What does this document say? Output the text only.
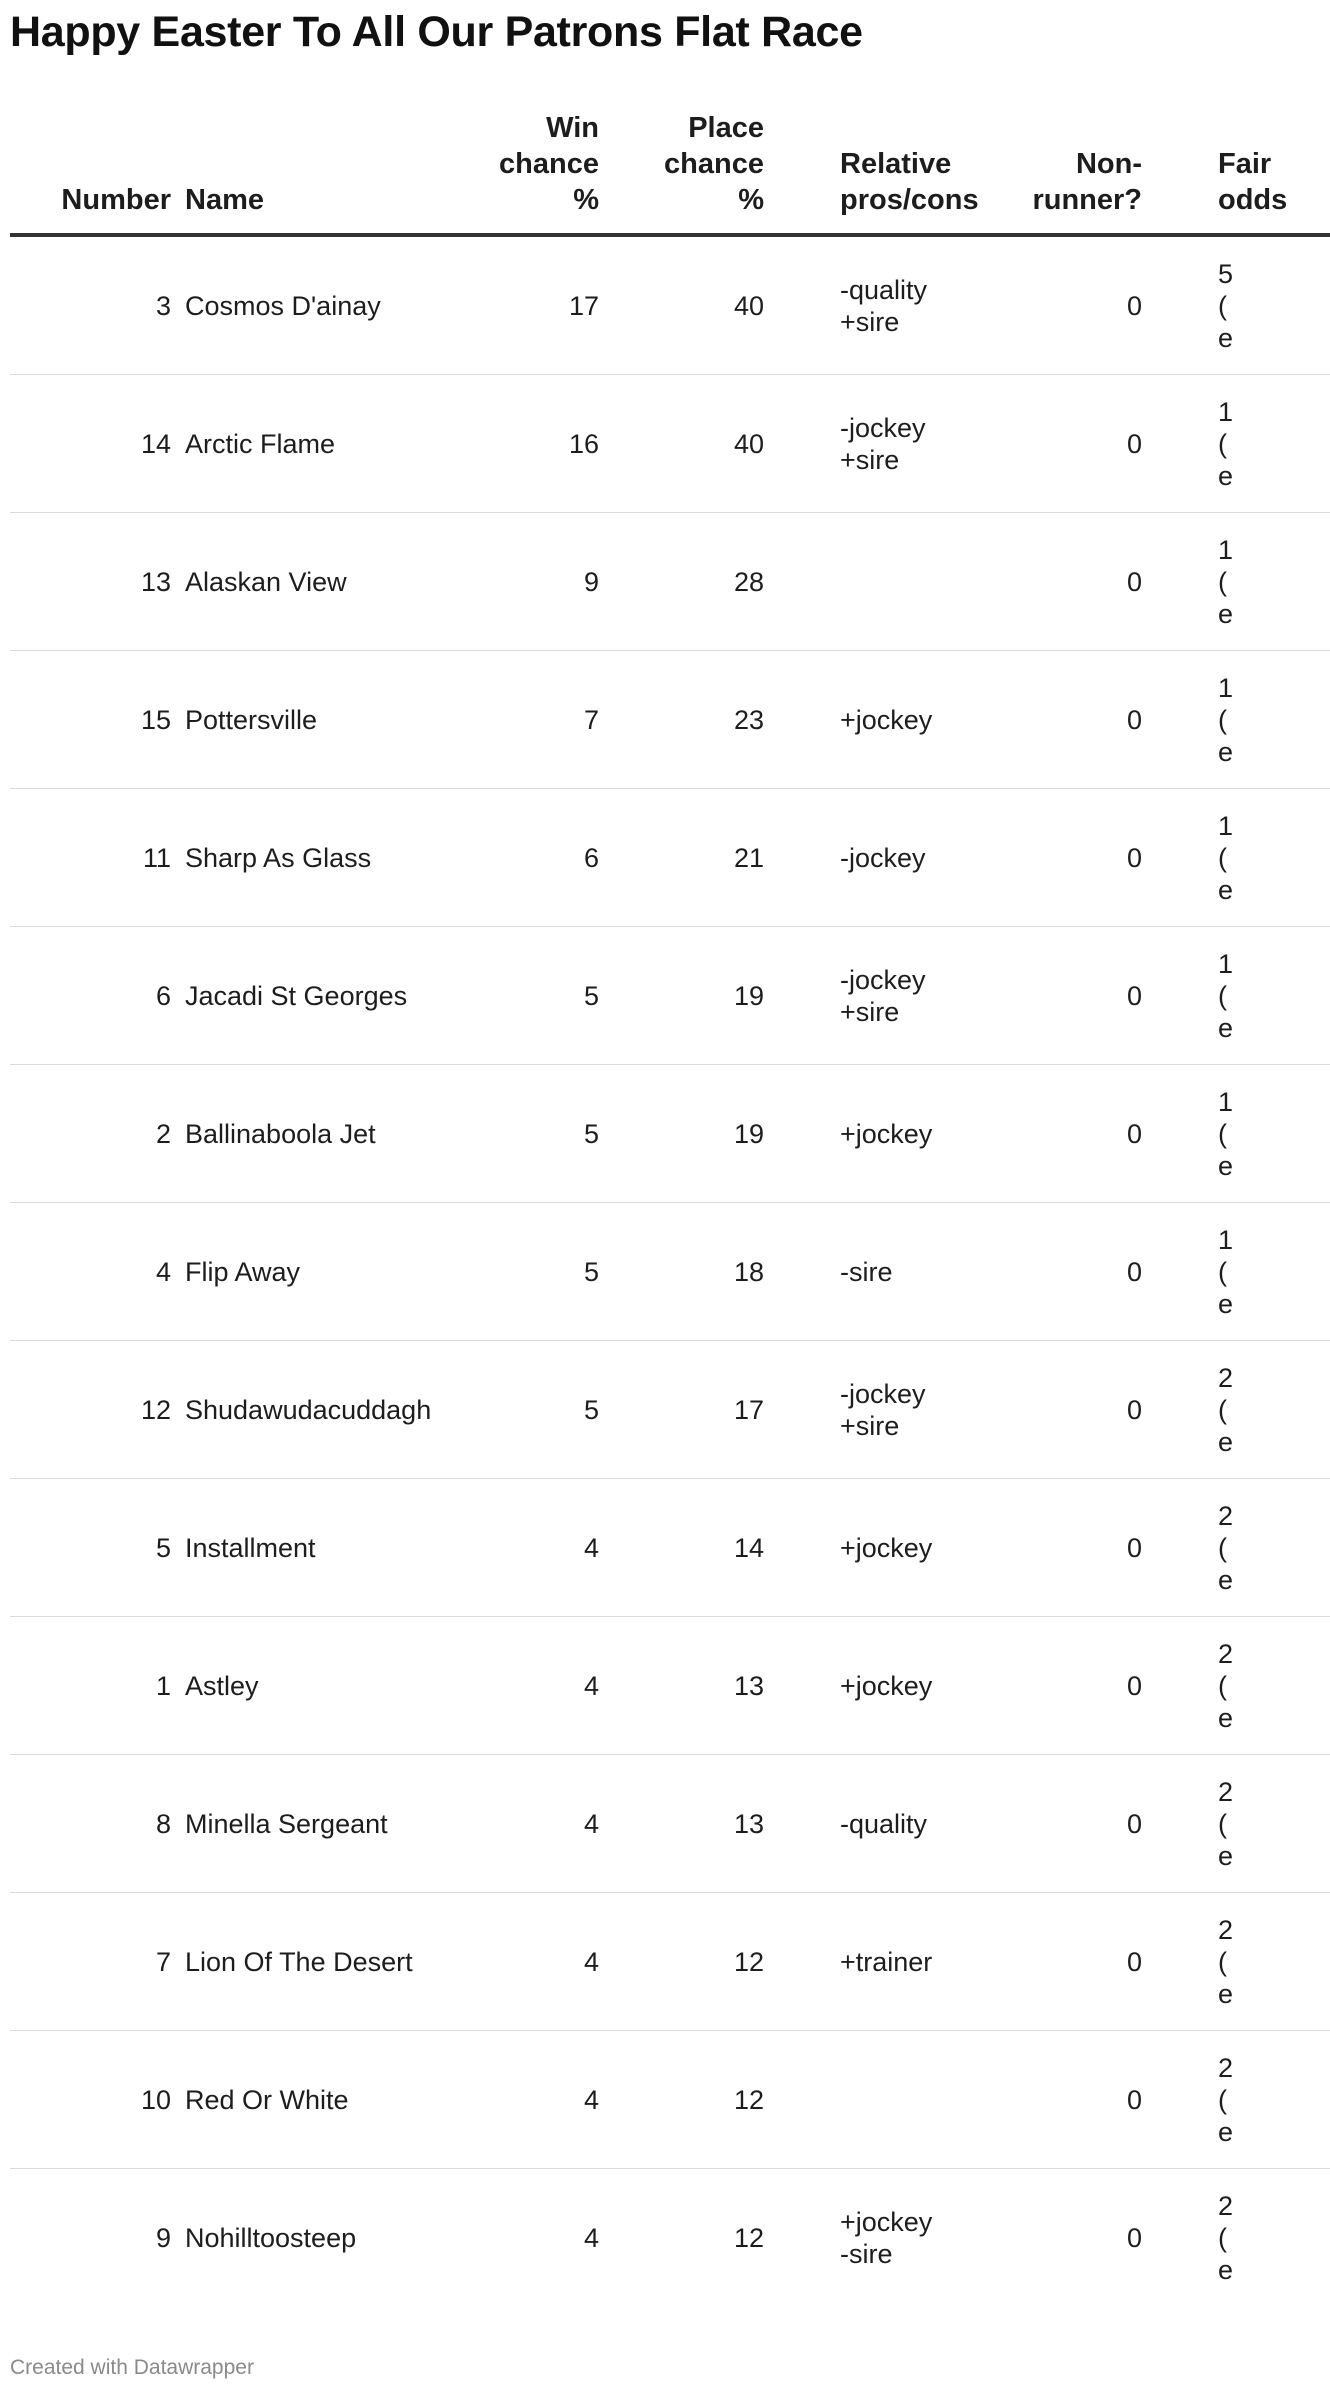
Happy Easter To All Our Patrons Flat Race
Number	Name	Win
chance
%	Place
chance
%	Relative
pros/cons	Non-
runner?	Fair
odds

3	Cosmos D'ainay	17	40	-quality
+sire	0	5
(
e

14	Arctic Flame	16	40	-jockey
+sire	0	1
(
e

13	Alaskan View	9	28		0	1
(
e

15	Pottersville	7	23	+jockey	0	1
(
e

11	Sharp As Glass	6	21	-jockey	0	1
(
e

6	Jacadi St Georges	5	19	-jockey
+sire	0	1
(
e

2	Ballinaboola Jet	5	19	+jockey	0	1
(
e

4	Flip Away	5	18	-sire	0	1
(
e

12	Shudawudacuddagh	5	17	-jockey
+sire	0	2
(
e

5	Installment	4	14	+jockey	0	2
(
e

1	Astley	4	13	+jockey	0	2
(
e

8	Minella Sergeant	4	13	-quality	0	2
(
e

7	Lion Of The Desert	4	12	+trainer	0	2
(
e

10	Red Or White	4	12		0	2
(
e

9	Nohilltoosteep	4	12	+jockey
-sire	0	2
(
e
Created with Datawrapper
